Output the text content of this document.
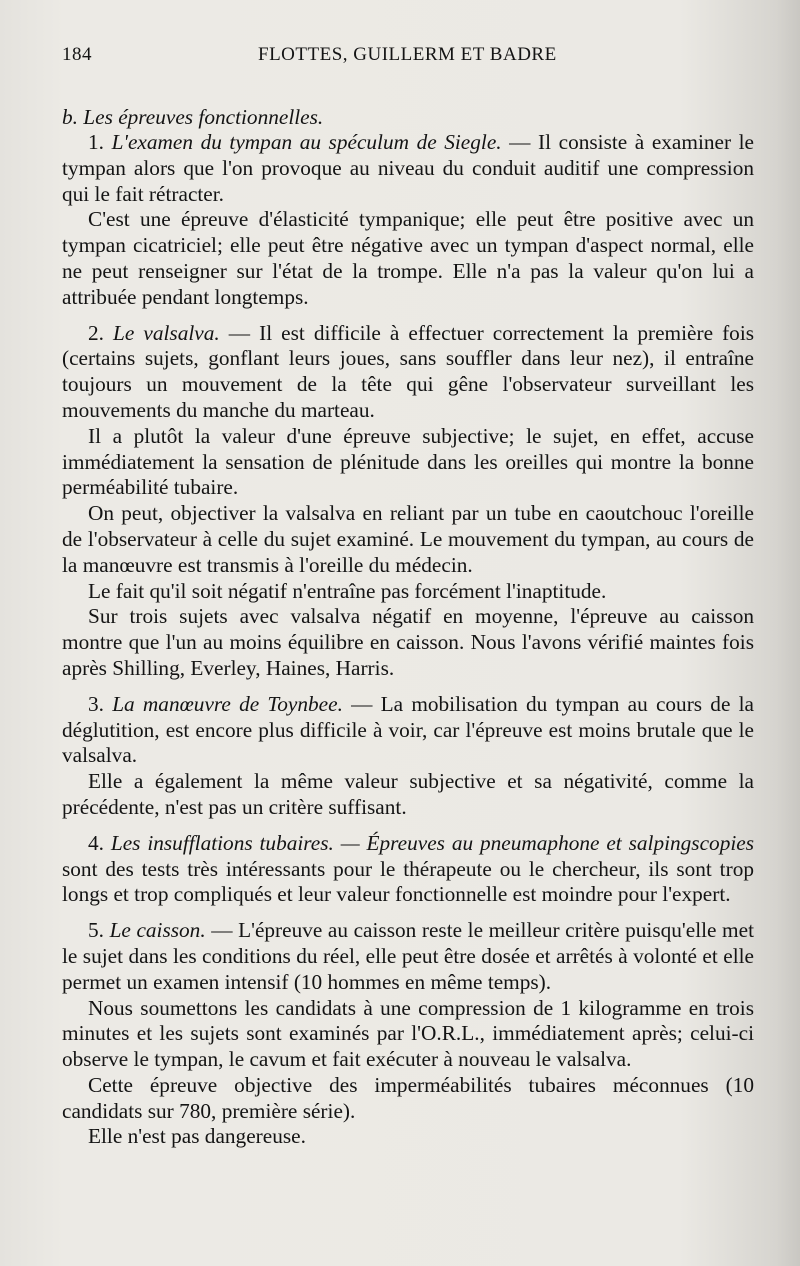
184	FLOTTES, GUILLERM ET BADRE

b. Les épreuves fonctionnelles.

1. L'examen du tympan au spéculum de Siegle. — Il consiste à examiner le tympan alors que l'on provoque au niveau du conduit auditif une compression qui le fait rétracter.

C'est une épreuve d'élasticité tympanique; elle peut être positive avec un tympan cicatriciel; elle peut être négative avec un tympan d'aspect normal, elle ne peut renseigner sur l'état de la trompe. Elle n'a pas la valeur qu'on lui a attribuée pendant longtemps.

2. Le valsalva. — Il est difficile à effectuer correctement la première fois (certains sujets, gonflant leurs joues, sans souffler dans leur nez), il entraîne toujours un mouvement de la tête qui gêne l'observateur surveillant les mouvements du manche du marteau.

Il a plutôt la valeur d'une épreuve subjective; le sujet, en effet, accuse immédiatement la sensation de plénitude dans les oreilles qui montre la bonne perméabilité tubaire.

On peut, objectiver la valsalva en reliant par un tube en caoutchouc l'oreille de l'observateur à celle du sujet examiné. Le mouvement du tympan, au cours de la manœuvre est transmis à l'oreille du médecin.

Le fait qu'il soit négatif n'entraîne pas forcément l'inaptitude.

Sur trois sujets avec valsalva négatif en moyenne, l'épreuve au caisson montre que l'un au moins équilibre en caisson. Nous l'avons vérifié maintes fois après Shilling, Everley, Haines, Harris.

3. La manœuvre de Toynbee. — La mobilisation du tympan au cours de la déglutition, est encore plus difficile à voir, car l'épreuve est moins brutale que le valsalva.

Elle a également la même valeur subjective et sa négativité, comme la précédente, n'est pas un critère suffisant.

4. Les insufflations tubaires. — Épreuves au pneumaphone et salpingscopies sont des tests très intéressants pour le thérapeute ou le chercheur, ils sont trop longs et trop compliqués et leur valeur fonctionnelle est moindre pour l'expert.

5. Le caisson. — L'épreuve au caisson reste le meilleur critère puisqu'elle met le sujet dans les conditions du réel, elle peut être dosée et arrêtés à volonté et elle permet un examen intensif (10 hommes en même temps).

Nous soumettons les candidats à une compression de 1 kilogramme en trois minutes et les sujets sont examinés par l'O.R.L., immédiatement après; celui-ci observe le tympan, le cavum et fait exécuter à nouveau le valsalva.

Cette épreuve objective des imperméabilités tubaires méconnues (10 candidats sur 780, première série).

Elle n'est pas dangereuse.
